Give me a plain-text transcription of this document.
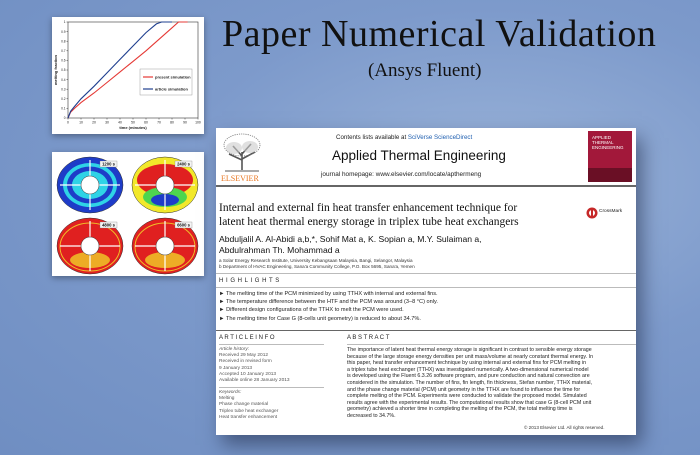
Paper Numerical Validation
(Ansys Fluent)
0	10	20	30	40	50	60	70	80	90 100
0
0.1
0.2
0.3
0.4
0.5
0.6
0.7
0.8
0.9
1
time (minutes)
melting fraction	present simulation
article simulation
1200 s	2400 s
4800 s	6600 s
ELSEVIER
Contents lists available at SciVerse ScienceDirect
Applied Thermal Engineering
journal homepage: www.elsevier.com/locate/apthermeng
APPLIED
THERMAL
ENGINEERING
Internal and external fin heat transfer enhancement technique for
latent heat thermal energy storage in triplex tube heat exchangers
CrossMark
Abduljalil A. Al-Abidi a,b,*, Sohif Mat a, K. Sopian a, M.Y. Sulaiman a,
Abdulrahman Th. Mohammad a
a Solar Energy Research Institute, University Kebangsaan Malaysia, Bangi, Selangor, Malaysia
b Department of HVAC Engineering, Sana'a Community College, P.O. Box 5695, Sana'a, Yemen
H I G H L I G H T S
► The melting time of the PCM minimized by using TTHX with internal and external fins.
► The temperature difference between the HTF and the PCM was around (3–8 °C) only.
► Different design configurations of the TTHX to melt the PCM were used.
► The melting time for Case G (8-cells unit geometry) is reduced to about 34.7%.
A R T I C L E I N F O
Article history:
Received 29 May 2012
Received in revised form
9 January 2013
Accepted 10 January 2013
Available online 28 January 2013
Keywords:
Melting
Phase change material
Triplex tube heat exchanger
Heat transfer enhancement
A B S T R A C T
The importance of latent heat thermal energy storage is significant in contrast to sensible energy storage
because of the large storage energy densities per unit mass/volume at nearly constant thermal energy. In
this paper, heat transfer enhancement technique by using internal and external fins for PCM melting in
a triplex tube heat exchanger (TTHX) was investigated numerically. A two-dimensional numerical model
is developed using the Fluent 6.3.26 software program, and pure conduction and natural convection are
considered in the simulation. The number of fins, fin length, fin thickness, Stefan number, TTHX material,
and the phase change material (PCM) unit geometry in the TTHX are found to influence the time for
complete melting of the PCM. Experiments were conducted to validate the proposed model. Simulated
results agree with the experimental results. The computational results show that case G (8-cell PCM unit
geometry) achieved a shorter time in completing the melting of the PCM, the total melting time is
decreased to 34.7%.
© 2013 Elsevier Ltd. All rights reserved.
